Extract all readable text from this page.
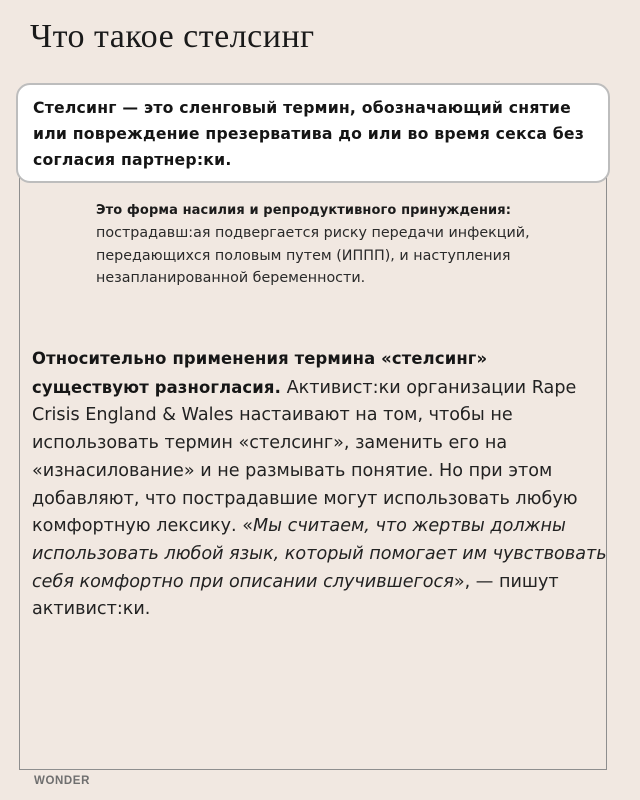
Что такое стелсинг
Стелсинг — это сленговый термин, обозначающий снятие или повреждение презерватива до или во время секса без согласия партнер:ки.
Это форма насилия и репродуктивного принуждения: пострадавш:ая подвергается риску передачи инфекций, передающихся половым путем (ИППП), и наступления незапланированной беременности.
Относительно применения термина «стелсинг» существуют разногласия. Активист:ки организации Rape Crisis England & Wales настаивают на том, чтобы не использовать термин «стелсинг», заменить его на «изнасилование» и не размывать понятие. Но при этом добавляют, что пострадавшие могут использовать любую комфортную лексику. «Мы считаем, что жертвы должны использовать любой язык, который помогает им чувствовать себя комфортно при описании случившегося», — пишут активист:ки.
WONDER
